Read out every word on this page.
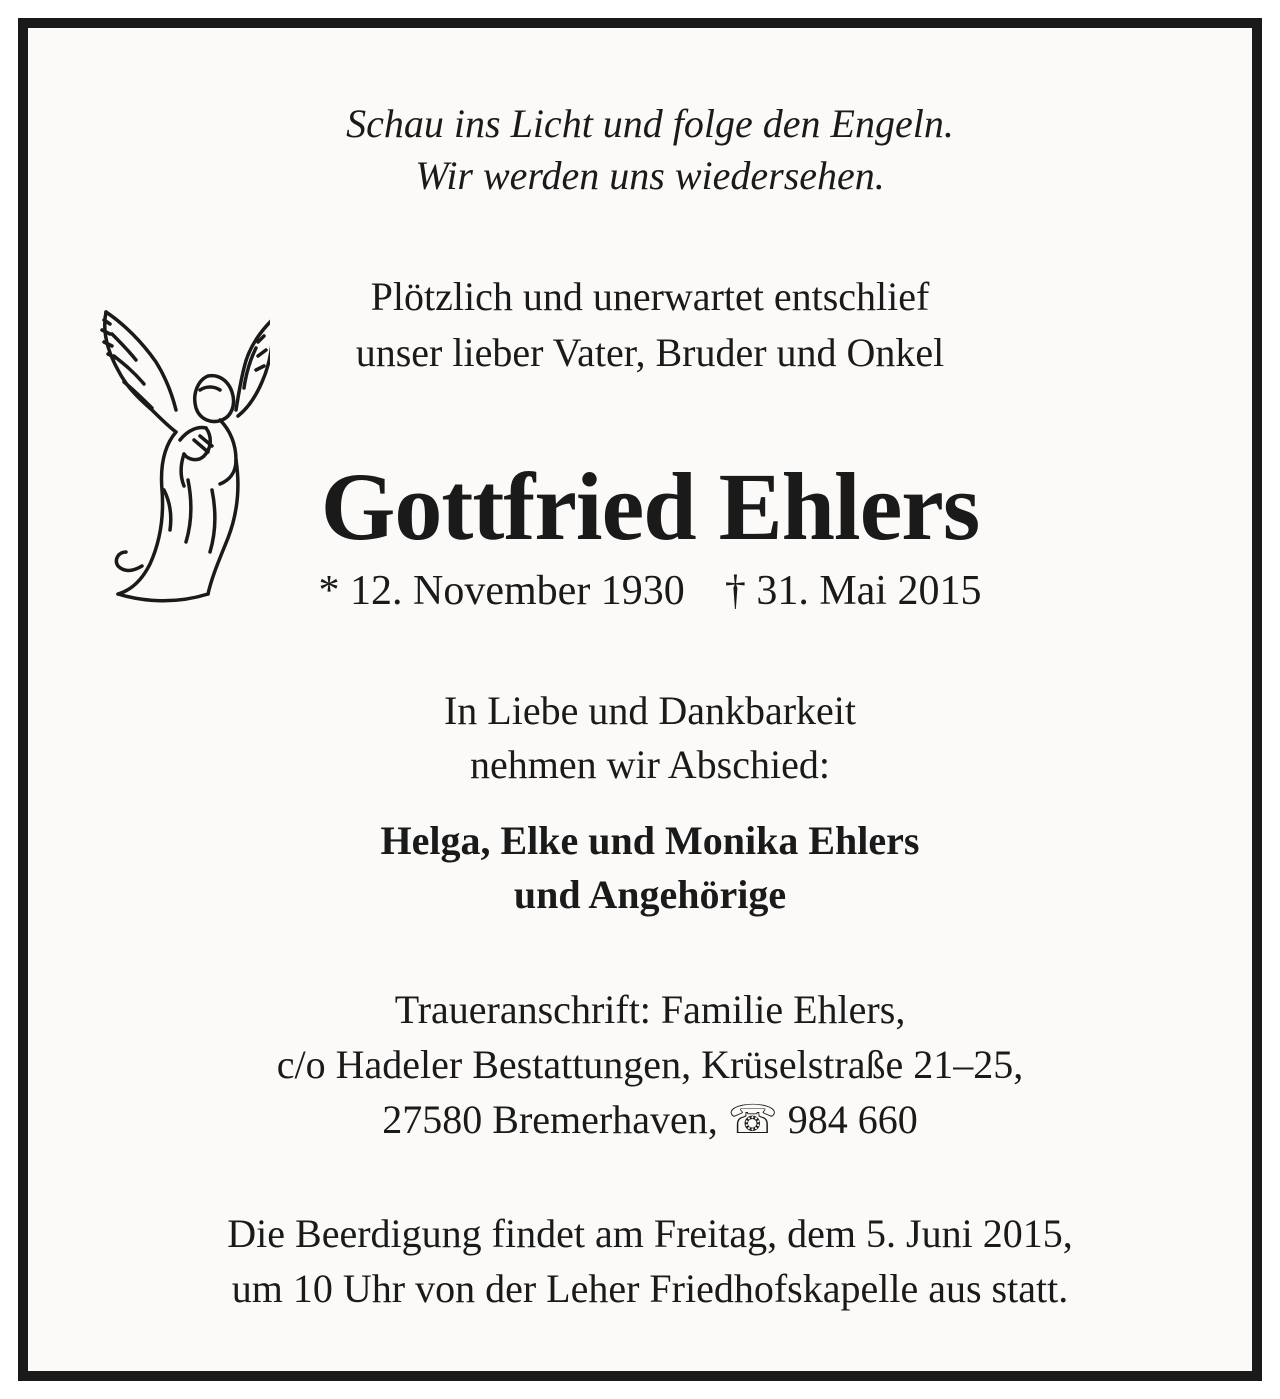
Schau ins Licht und folge den Engeln.
Wir werden uns wiedersehen.
Plötzlich und unerwartet entschlief
unser lieber Vater, Bruder und Onkel
Gottfried Ehlers
* 12. November 1930 † 31. Mai 2015
In Liebe und Dankbarkeit
nehmen wir Abschied:
Helga, Elke und Monika Ehlers
und Angehörige
Traueranschrift: Familie Ehlers,
c/o Hadeler Bestattungen, Krüselstraße 21–25,
27580 Bremerhaven, ☏ 984 660
Die Beerdigung findet am Freitag, dem 5. Juni 2015,
um 10 Uhr von der Leher Friedhofskapelle aus statt.
